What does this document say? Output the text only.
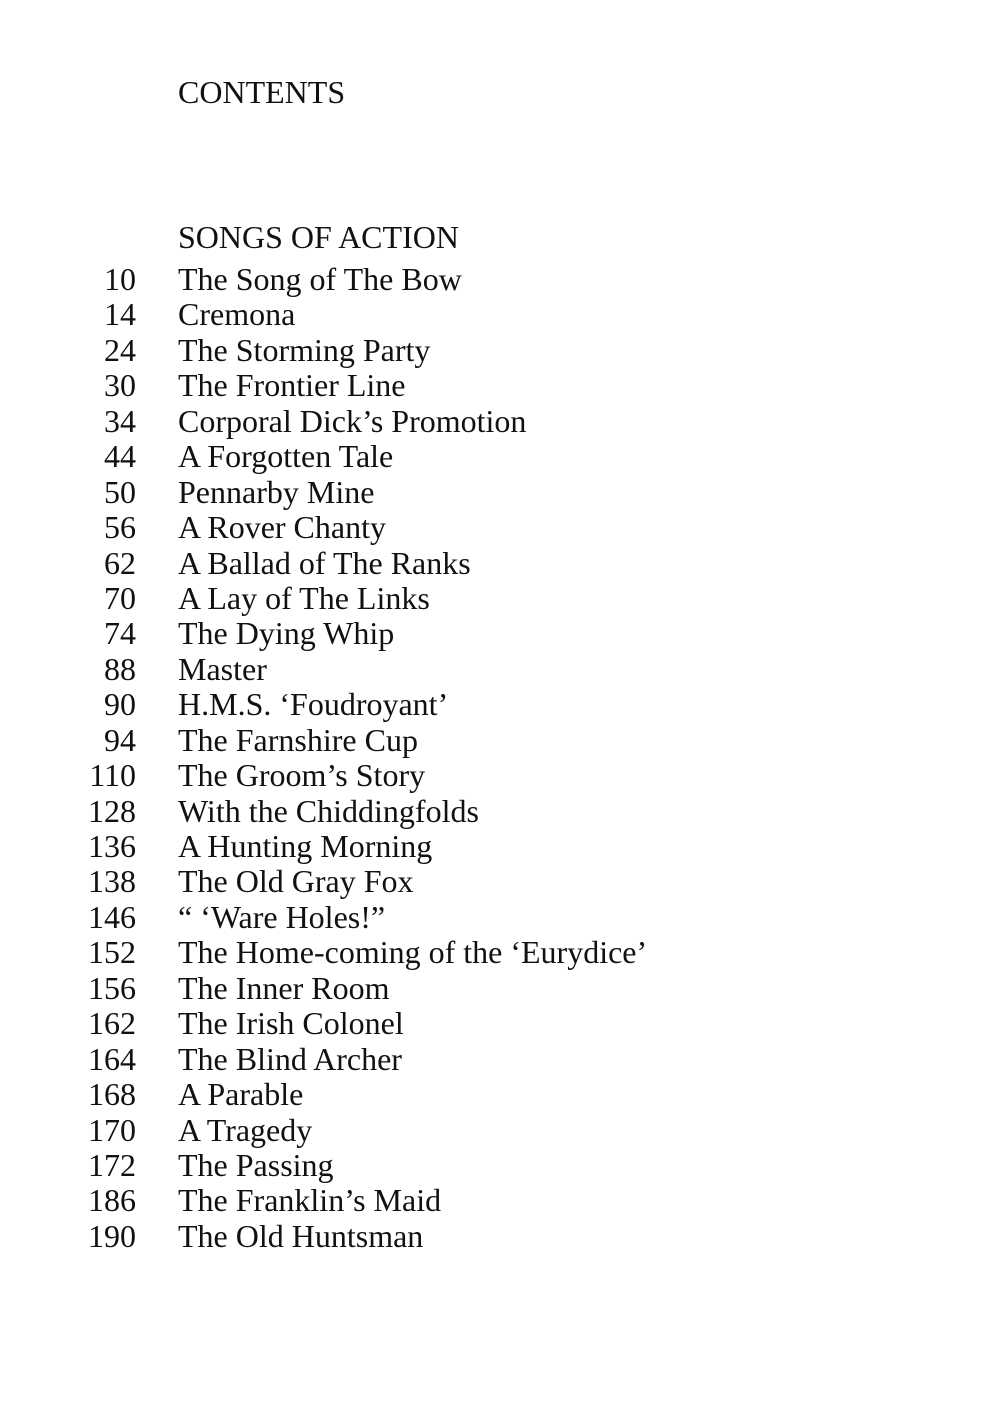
CONTENTS
SONGS OF ACTION
10 The Song of The Bow
14 Cremona
24 The Storming Party
30 The Frontier Line
34 Corporal Dick’s Promotion
44 A Forgotten Tale
50 Pennarby Mine
56 A Rover Chanty
62 A Ballad of The Ranks
70 A Lay of The Links
74 The Dying Whip
88 Master
90 H.M.S. ‘Foudroyant’
94 The Farnshire Cup
110 The Groom’s Story
128 With the Chiddingfolds
136 A Hunting Morning
138 The Old Gray Fox
146 “ ‘Ware Holes!”
152 The Home-coming of the ‘Eurydice’
156 The Inner Room
162 The Irish Colonel
164 The Blind Archer
168 A Parable
170 A Tragedy
172 The Passing
186 The Franklin’s Maid
190 The Old Huntsman
